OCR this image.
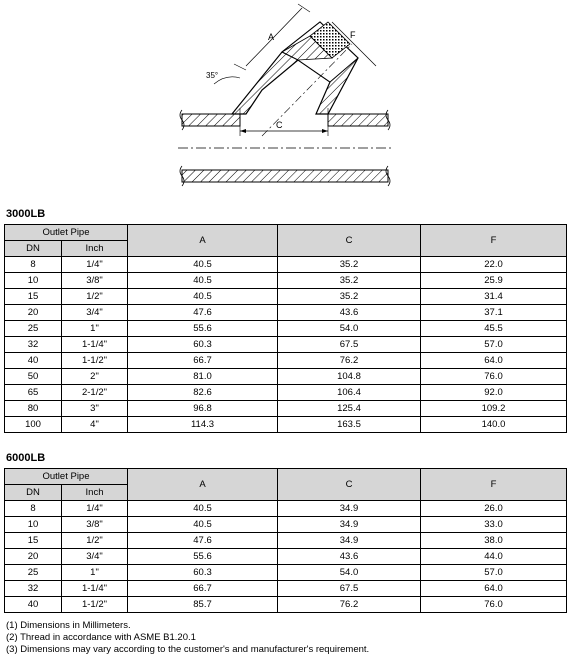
A	F
35°
C
3000LB
Outlet Pipe		A	C	F
DN	Inch			
8	1/4"	40.5	35.2	22.0
10	3/8"	40.5	35.2	25.9
15	1/2"	40.5	35.2	31.4
20	3/4"	47.6	43.6	37.1
25	1"	55.6	54.0	45.5
32	1-1/4"	60.3	67.5	57.0
40	1-1/2"	66.7	76.2	64.0
50	2"	81.0	104.8	76.0
65	2-1/2"	82.6	106.4	92.0
80	3"	96.8	125.4	109.2
100	4"	114.3	163.5	140.0
6000LB
Outlet Pipe		A	C	F
DN	Inch			
8	1/4"	40.5	34.9	26.0
10	3/8"	40.5	34.9	33.0
15	1/2"	47.6	34.9	38.0
20	3/4"	55.6	43.6	44.0
25	1"	60.3	54.0	57.0
32	1-1/4"	66.7	67.5	64.0
40	1-1/2"	85.7	76.2	76.0
(1) Dimensions in Millimeters.
(2) Thread in accordance with ASME B1.20.1
(3) Dimensions may vary according to the customer's and manufacturer's requirement.
